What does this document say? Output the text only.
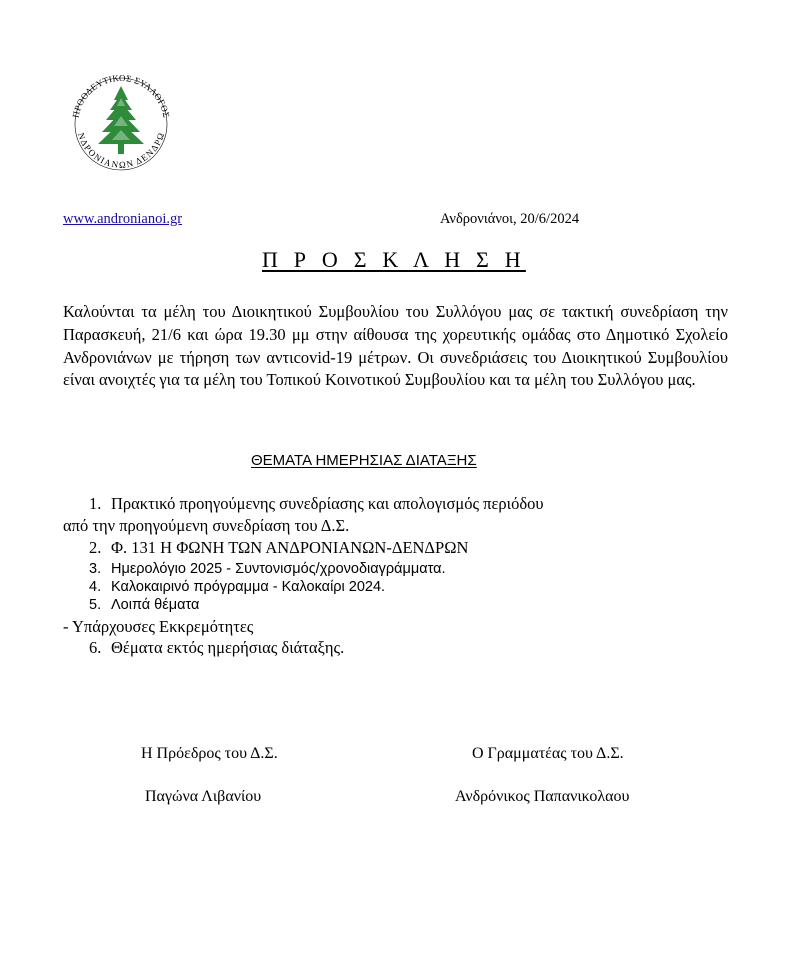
ΠΡΟΟΔΕΥΤΙΚΟΣ ΣΥΛΛΟΓΟΣ
ΝΔΡΟΝΙΑΝΩΝ ΔΕΝΔΡΩ
www.andronianoi.gr	Ανδρονιάνοι, 20/6/2024
Π Ρ Ο Σ Κ Λ Η Σ Η

Καλούνται τα μέλη του Διοικητικού Συμβουλίου του Συλλόγου μας σε τακτική συνεδρίαση την Παρασκευή, 21/6 και ώρα 19.30 μμ στην αίθουσα της χορευτικής ομάδας στο Δημοτικό Σχολείο Ανδρονιάνων με τήρηση των αντιcovid-19 μέτρων. Οι συνεδριάσεις του Διοικητικού Συμβουλίου είναι ανοιχτές για τα μέλη του Τοπικού Κοινοτικού Συμβουλίου και τα μέλη του Συλλόγου μας.

ΘΕΜΑΤΑ ΗΜΕΡΗΣΙΑΣ ΔΙΑΤΑΞΗΣ
1. Πρακτικό προηγούμενης συνεδρίασης και απολογισμός περιόδου
από την προηγούμενη συνεδρίαση του Δ.Σ.
2. Φ. 131 Η ΦΩΝΗ ΤΩΝ ΑΝΔΡΟΝΙΑΝΩΝ-ΔΕΝΔΡΩΝ
3. Ημερολόγιο 2025 - Συντονισμός/χρονοδιαγράμματα.
4. Καλοκαιρινό πρόγραμμα - Καλοκαίρι 2024.
5. Λοιπά θέματα
- Υπάρχουσες Εκκρεμότητες
6. Θέματα εκτός ημερήσιας διάταξης.
Η Πρόεδρος του Δ.Σ.
Παγώνα Λιβανίου
Ο Γραμματέας του Δ.Σ.
Ανδρόνικος Παπανικολαου
